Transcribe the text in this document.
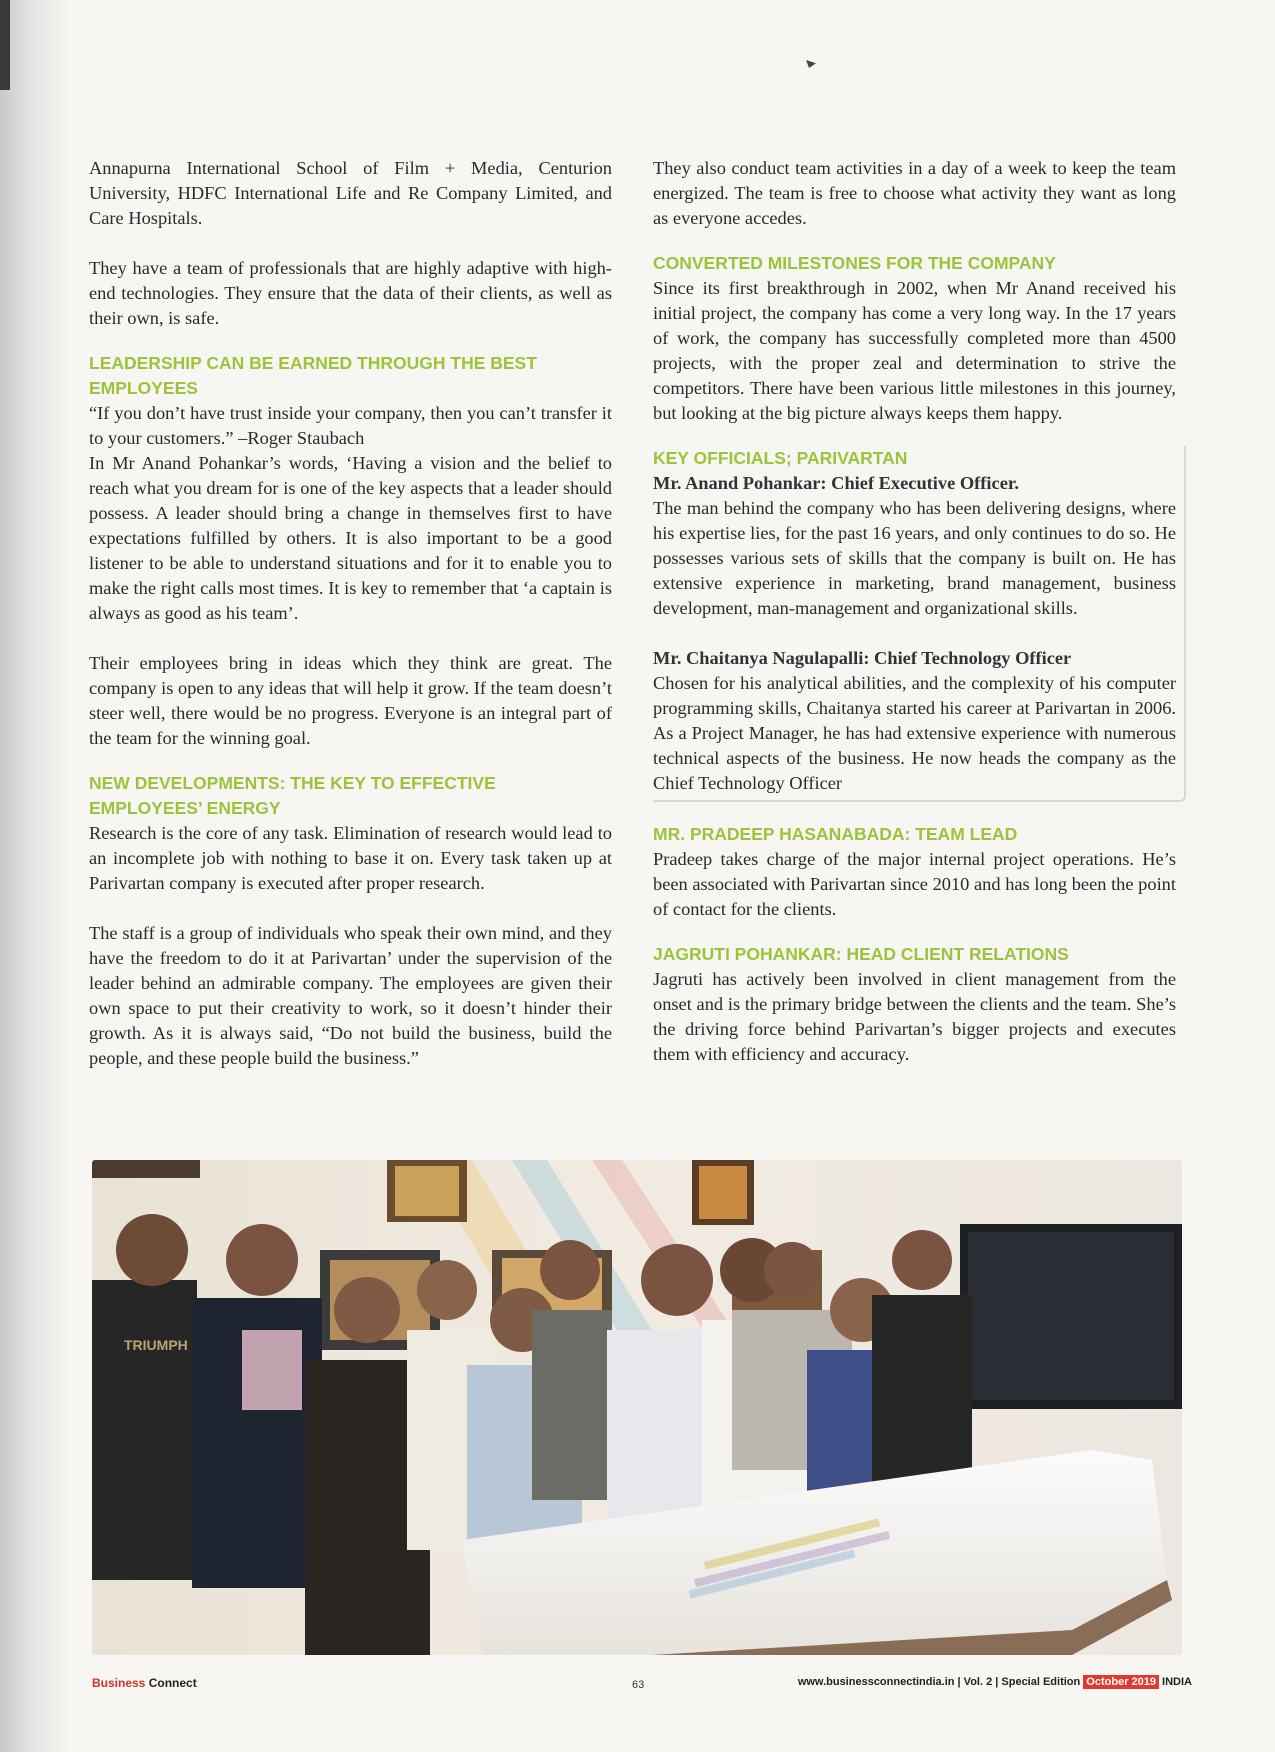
Annapurna International School of Film + Media, Centurion University, HDFC International Life and Re Company Limited, and Care Hospitals.

They have a team of professionals that are highly adaptive with high-end technologies. They ensure that the data of their clients, as well as their own, is safe.

LEADERSHIP CAN BE EARNED THROUGH THE BEST EMPLOYEES

“If you don’t have trust inside your company, then you can’t transfer it to your customers.” –Roger Staubach

In Mr Anand Pohankar’s words, ‘Having a vision and the belief to reach what you dream for is one of the key aspects that a leader should possess. A leader should bring a change in themselves first to have expectations fulfilled by others. It is also important to be a good listener to be able to understand situations and for it to enable you to make the right calls most times. It is key to remember that ‘a captain is always as good as his team’.

Their employees bring in ideas which they think are great. The company is open to any ideas that will help it grow. If the team doesn’t steer well, there would be no progress. Everyone is an integral part of the team for the winning goal.

NEW DEVELOPMENTS: THE KEY TO EFFECTIVE EMPLOYEES’ ENERGY

Research is the core of any task. Elimination of research would lead to an incomplete job with nothing to base it on. Every task taken up at Parivartan company is executed after proper research.

The staff is a group of individuals who speak their own mind, and they have the freedom to do it at Parivartan’ under the supervision of the leader behind an admirable company. The employees are given their own space to put their creativity to work, so it doesn’t hinder their growth. As it is always said, “Do not build the business, build the people, and these people build the business.”

They also conduct team activities in a day of a week to keep the team energized. The team is free to choose what activity they want as long as everyone accedes.

CONVERTED MILESTONES FOR THE COMPANY

Since its first breakthrough in 2002, when Mr Anand received his initial project, the company has come a very long way. In the 17 years of work, the company has successfully completed more than 4500 projects, with the proper zeal and determination to strive the competitors. There have been various little milestones in this journey, but looking at the big picture always keeps them happy.

KEY OFFICIALS; PARIVARTAN
Mr. Anand Pohankar: Chief Executive Officer.

The man behind the company who has been delivering designs, where his expertise lies, for the past 16 years, and only continues to do so. He possesses various sets of skills that the company is built on. He has extensive experience in marketing, brand management, business development, man-management and organizational skills.

Mr. Chaitanya Nagulapalli: Chief Technology Officer

Chosen for his analytical abilities, and the complexity of his computer programming skills, Chaitanya started his career at Parivartan in 2006. As a Project Manager, he has had extensive experience with numerous technical aspects of the business. He now heads the company as the Chief Technology Officer

MR. PRADEEP HASANABADA: TEAM LEAD

Pradeep takes charge of the major internal project operations. He’s been associated with Parivartan since 2010 and has long been the point of contact for the clients.

JAGRUTI POHANKAR: HEAD CLIENT RELATIONS

Jagruti has actively been involved in client management from the onset and is the primary bridge between the clients and the team. She’s the driving force behind Parivartan’s bigger projects and executes them with efficiency and accuracy.

TRIUMPH
Business Connect	63	www.businessconnectindia.in | Vol. 2 | Special Edition October 2019 INDIA
